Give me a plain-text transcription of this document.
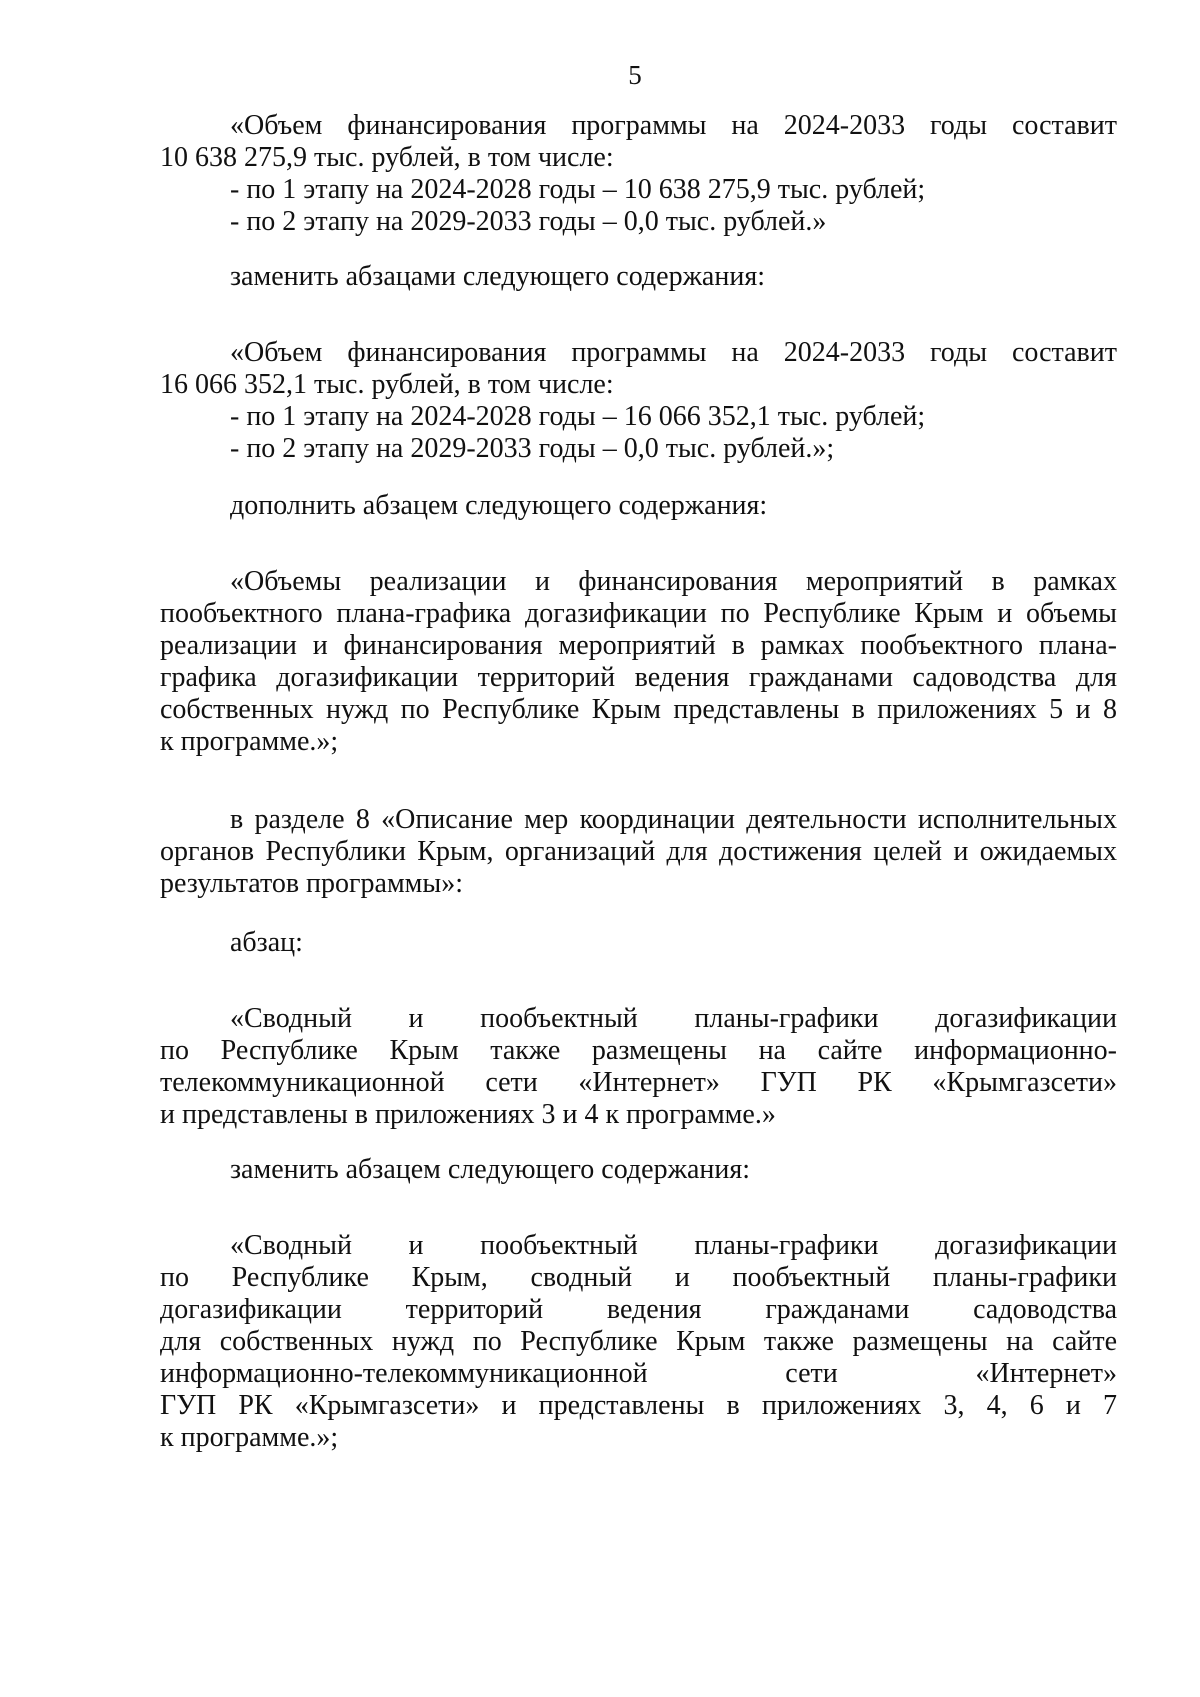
5
«Объем финансирования программы на 2024-2033 годы составит
10 638 275,9 тыс. рублей, в том числе:
- по 1 этапу на 2024-2028 годы – 10 638 275,9 тыс. рублей;
- по 2 этапу на 2029-2033 годы – 0,0 тыс. рублей.»
заменить абзацами следующего содержания:
«Объем финансирования программы на 2024-2033 годы составит
16 066 352,1 тыс. рублей, в том числе:
- по 1 этапу на 2024-2028 годы – 16 066 352,1 тыс. рублей;
- по 2 этапу на 2029-2033 годы – 0,0 тыс. рублей.»;
дополнить абзацем следующего содержания:
«Объемы реализации и финансирования мероприятий в рамках
пообъектного плана-графика догазификации по Республике Крым и объемы
реализации и финансирования мероприятий в рамках пообъектного плана-
графика догазификации территорий ведения гражданами садоводства для
собственных нужд по Республике Крым представлены в приложениях 5 и 8
к программе.»;
в разделе 8 «Описание мер координации деятельности исполнительных
органов Республики Крым, организаций для достижения целей и ожидаемых
результатов программы»:
абзац:
«Сводный и пообъектный планы-графики догазификации
по Республике Крым также размещены на сайте информационно-
телекоммуникационной сети «Интернет» ГУП РК «Крымгазсети»
и представлены в приложениях 3 и 4 к программе.»
заменить абзацем следующего содержания:
«Сводный и пообъектный планы-графики догазификации
по Республике Крым, сводный и пообъектный планы-графики
догазификации территорий ведения гражданами садоводства
для собственных нужд по Республике Крым также размещены на сайте
информационно-телекоммуникационной сети «Интернет»
ГУП РК «Крымгазсети» и представлены в приложениях 3, 4, 6 и 7
к программе.»;
